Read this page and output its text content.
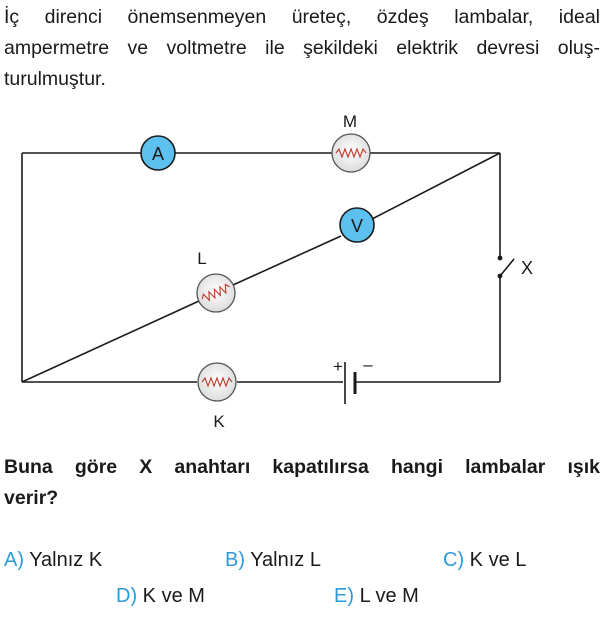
İç direnci önemsenmeyen üreteç, özdeş lambalar, ideal
ampermetre ve voltmetre ile şekildeki elektrik devresi oluş-
turulmuştur.

A
V
M
L
K
+ –
X

Buna göre X anahtarı kapatılırsa hangi lambalar ışık
verir?

A) Yalnız K	B) Yalnız L	C) K ve L
D) K ve M	E) L ve M
